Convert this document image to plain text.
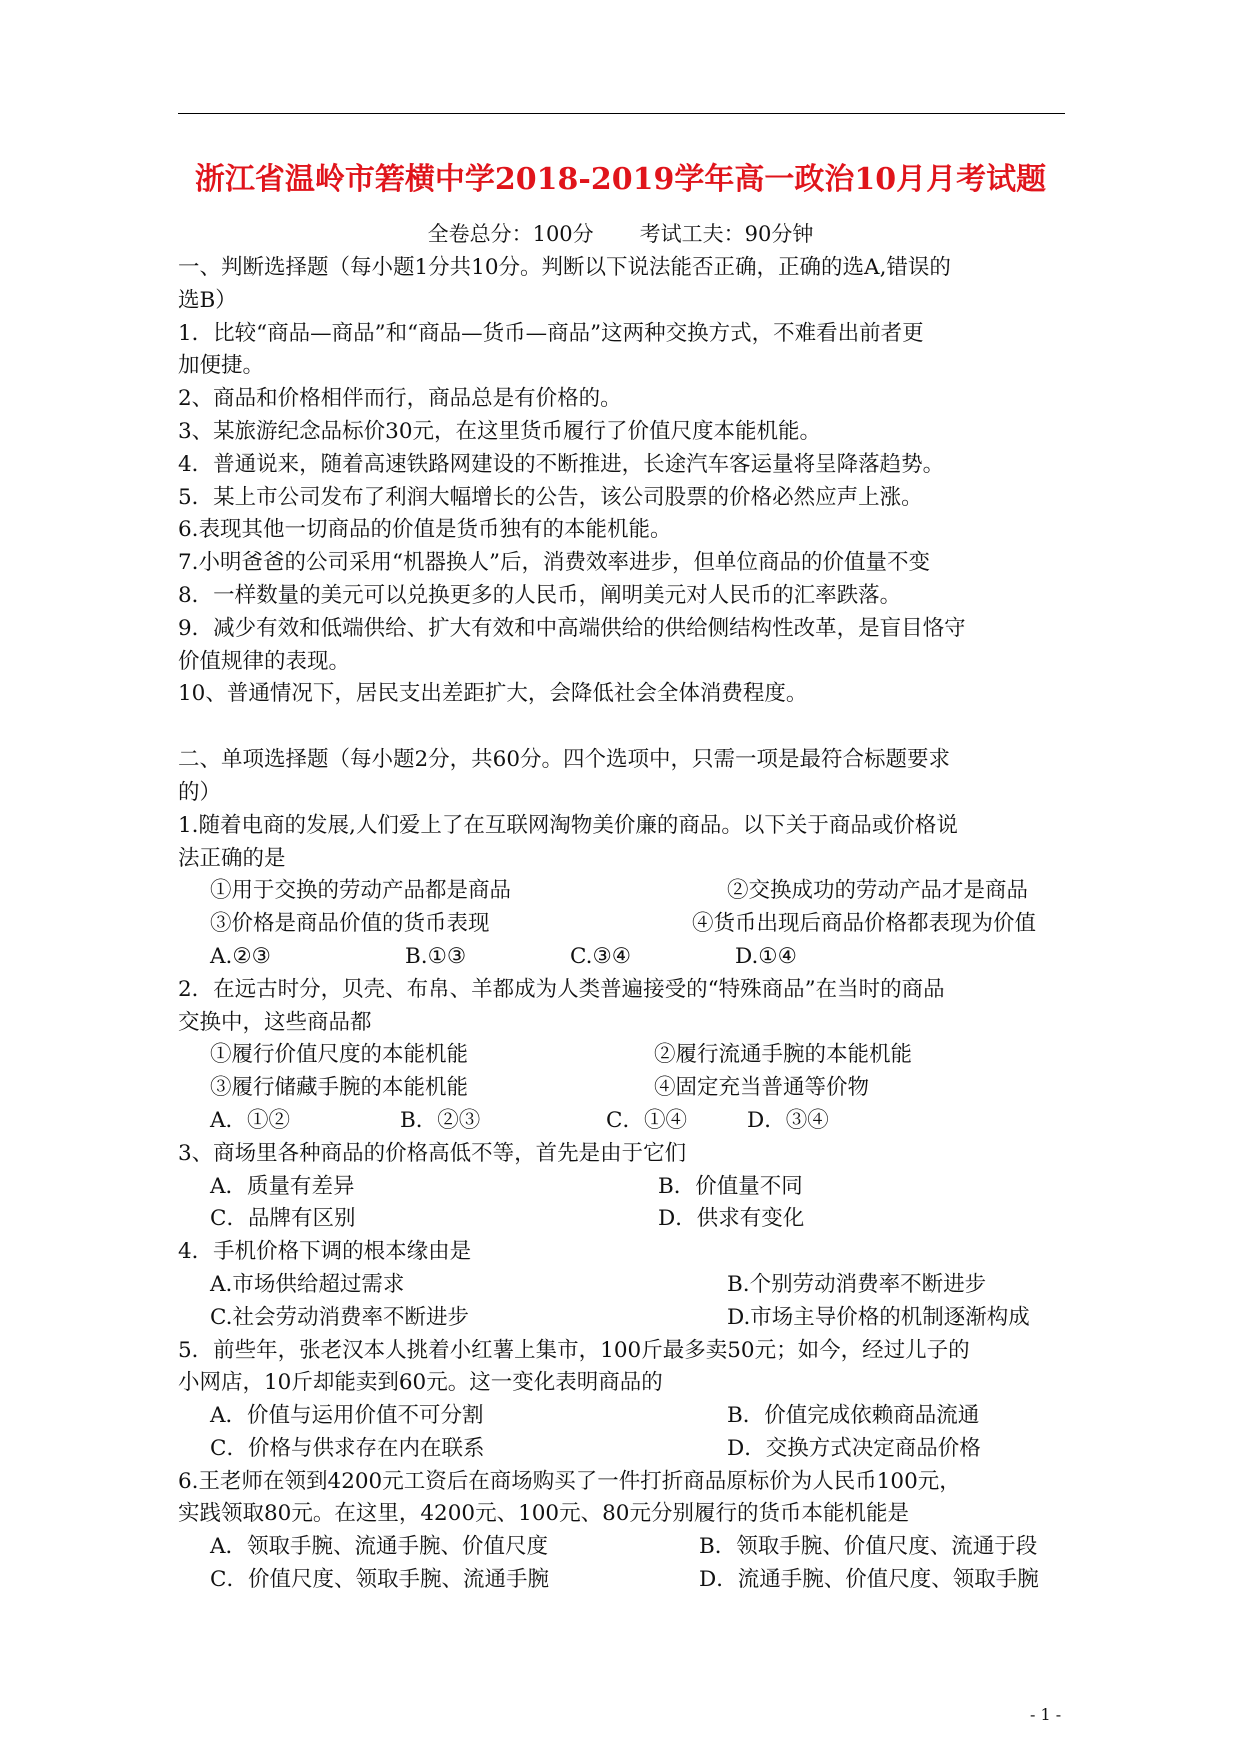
浙江省温岭市箬横中学2018-2019学年高一政治10月月考试题
全卷总分：100分 考试工夫：90分钟
一、判断选择题（每小题1分共10分。判断以下说法能否正确，正确的选A,错误的
选B）
1．比较“商品—商品”和“商品—货币—商品”这两种交换方式，不难看出前者更
加便捷。
2、商品和价格相伴而行，商品总是有价格的。
3、某旅游纪念品标价30元，在这里货币履行了价值尺度本能机能。
4．普通说来，随着高速铁路网建设的不断推进，长途汽车客运量将呈降落趋势。
5．某上市公司发布了利润大幅增长的公告，该公司股票的价格必然应声上涨。
6.表现其他一切商品的价值是货币独有的本能机能。
7.小明爸爸的公司采用“机器换人”后，消费效率进步，但单位商品的价值量不变
8．一样数量的美元可以兑换更多的人民币，阐明美元对人民币的汇率跌落。
9．减少有效和低端供给、扩大有效和中高端供给的供给侧结构性改革，是盲目恪守
价值规律的表现。
10、普通情况下，居民支出差距扩大，会降低社会全体消费程度。
二、单项选择题（每小题2分，共60分。四个选项中，只需一项是最符合标题要求
的）
1.随着电商的发展,人们爱上了在互联网淘物美价廉的商品。以下关于商品或价格说
法正确的是
①用于交换的劳动产品都是商品	②交换成功的劳动产品才是商品
③价格是商品价值的货币表现	④货币出现后商品价格都表现为价值
A.②③	B.①③	C.③④	D.①④
2．在远古时分，贝壳、布帛、羊都成为人类普遍接受的“特殊商品”在当时的商品
交换中，这些商品都
①履行价值尺度的本能机能	②履行流通手腕的本能机能
③履行储藏手腕的本能机能	④固定充当普通等价物
A．①②	B．②③	C．①④	D．③④
3、商场里各种商品的价格高低不等，首先是由于它们
A．质量有差异	B．价值量不同
C．品牌有区别	D．供求有变化
4．手机价格下调的根本缘由是
A.市场供给超过需求	B.个别劳动消费率不断进步
C.社会劳动消费率不断进步	D.市场主导价格的机制逐渐构成
5．前些年，张老汉本人挑着小红薯上集市，100斤最多卖50元；如今，经过儿子的
小网店，10斤却能卖到60元。这一变化表明商品的
A．价值与运用价值不可分割	B．价值完成依赖商品流通
C．价格与供求存在内在联系	D．交换方式决定商品价格
6.王老师在领到4200元工资后在商场购买了一件打折商品原标价为人民币100元，
实践领取80元。在这里，4200元、100元、80元分别履行的货币本能机能是
A．领取手腕、流通手腕、价值尺度	B．领取手腕、价值尺度、流通于段
C．价值尺度、领取手腕、流通手腕	D．流通手腕、价值尺度、领取手腕
- 1 -
